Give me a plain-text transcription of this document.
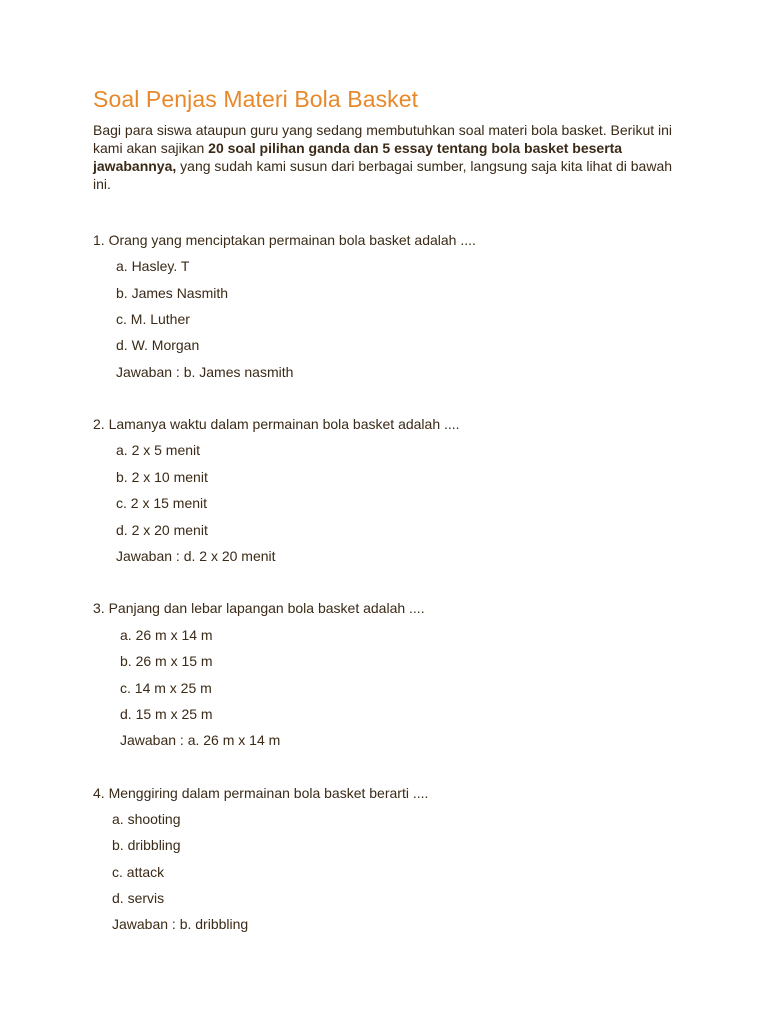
Soal Penjas Materi Bola Basket

Bagi para siswa ataupun guru yang sedang membutuhkan soal materi bola basket. Berikut ini kami akan sajikan 20 soal pilihan ganda dan 5 essay tentang bola basket beserta jawabannya, yang sudah kami susun dari berbagai sumber, langsung saja kita lihat di bawah ini.

1. Orang yang menciptakan permainan bola basket adalah ....

a. Hasley. T

b. James Nasmith

c. M. Luther

d. W. Morgan

Jawaban : b. James nasmith

2. Lamanya waktu dalam permainan bola basket adalah ....

a. 2 x 5 menit

b. 2 x 10 menit

c. 2 x 15 menit

d. 2 x 20 menit

Jawaban : d. 2 x 20 menit

3. Panjang dan lebar lapangan bola basket adalah ....

a. 26 m x 14 m

b. 26 m x 15 m

c. 14 m x 25 m

d. 15 m x 25 m

Jawaban : a. 26 m x 14 m

4. Menggiring dalam permainan bola basket berarti ....

a. shooting

b. dribbling

c. attack

d. servis

Jawaban : b. dribbling
